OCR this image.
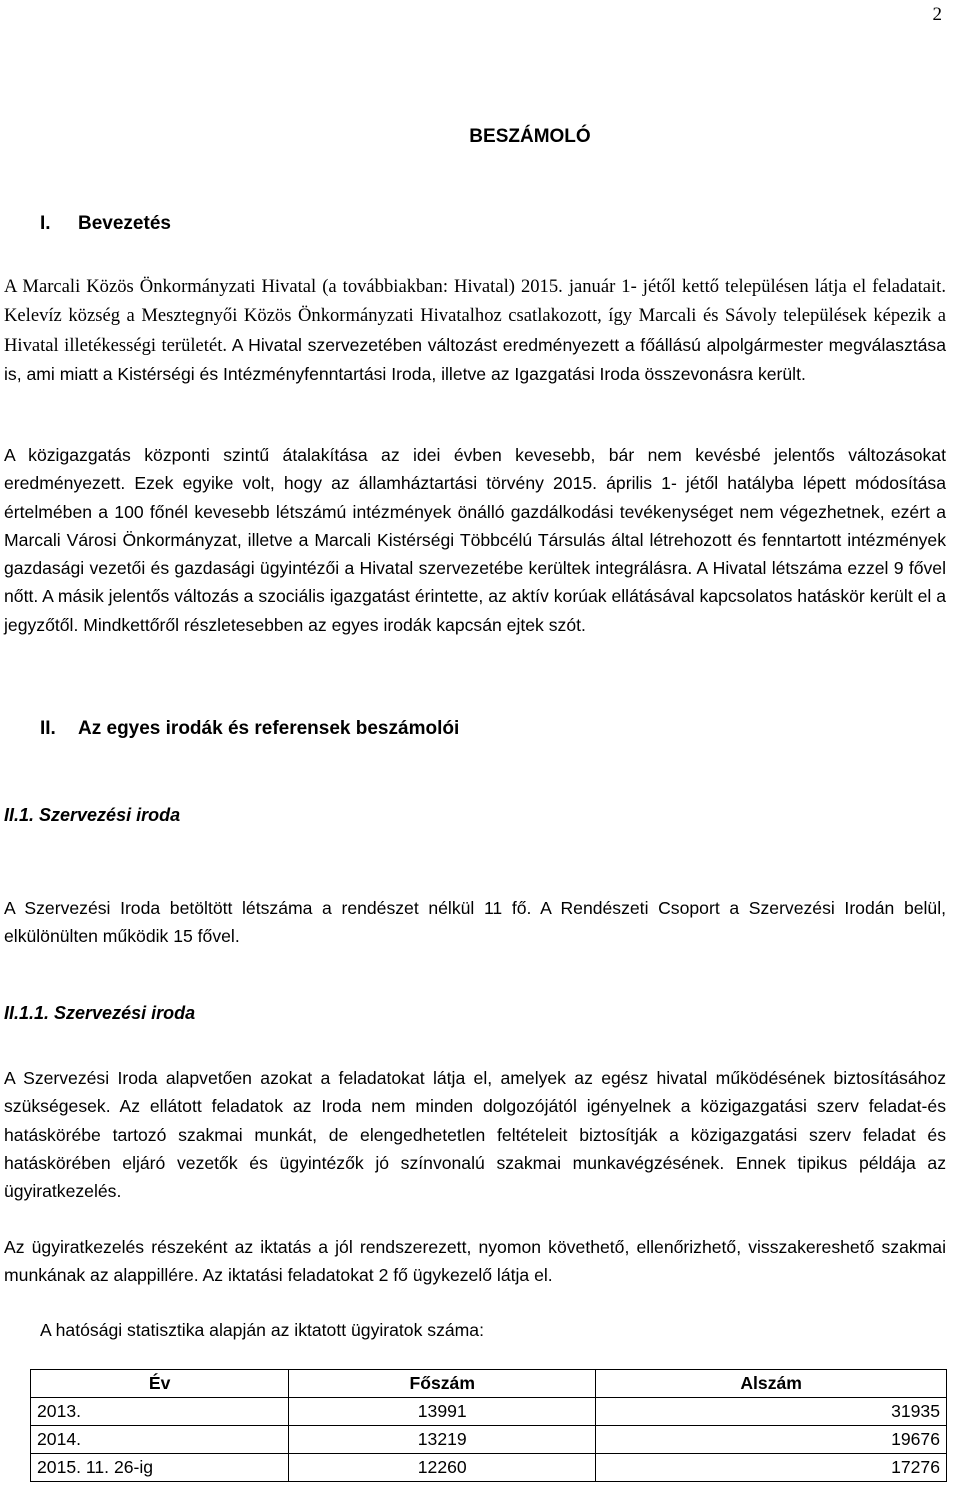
2
BESZÁMOLÓ
I. Bevezetés

A Marcali Közös Önkormányzati Hivatal (a továbbiakban: Hivatal) 2015. január 1- jétől kettő településen látja el feladatait. Kelevíz község a Mesztegnyői Közös Önkormányzati Hivatalhoz csatlakozott, így Marcali és Sávoly települések képezik a Hivatal illetékességi területét. A Hivatal szervezetében változást eredményezett a főállású alpolgármester megválasztása is, ami miatt a Kistérségi és Intézményfenntartási Iroda, illetve az Igazgatási Iroda összevonásra került.

A közigazgatás központi szintű átalakítása az idei évben kevesebb, bár nem kevésbé jelentős változásokat eredményezett. Ezek egyike volt, hogy az államháztartási törvény 2015. április 1- jétől hatályba lépett módosítása értelmében a 100 főnél kevesebb létszámú intézmények önálló gazdálkodási tevékenységet nem végezhetnek, ezért a Marcali Városi Önkormányzat, illetve a Marcali Kistérségi Többcélú Társulás által létrehozott és fenntartott intézmények gazdasági vezetői és gazdasági ügyintézői a Hivatal szervezetébe kerültek integrálásra. A Hivatal létszáma ezzel 9 fővel nőtt. A másik jelentős változás a szociális igazgatást érintette, az aktív korúak ellátásával kapcsolatos hatáskör került el a jegyzőtől. Mindkettőről részletesebben az egyes irodák kapcsán ejtek szót.

II. Az egyes irodák és referensek beszámolói
II.1. Szervezési iroda

A Szervezési Iroda betöltött létszáma a rendészet nélkül 11 fő. A Rendészeti Csoport a Szervezési Irodán belül, elkülönülten működik 15 fővel.

II.1.1. Szervezési iroda

A Szervezési Iroda alapvetően azokat a feladatokat látja el, amelyek az egész hivatal működésének biztosításához szükségesek. Az ellátott feladatok az Iroda nem minden dolgozójától igényelnek a közigazgatási szerv feladat-és hatáskörébe tartozó szakmai munkát, de elengedhetetlen feltételeit biztosítják a közigazgatási szerv feladat és hatáskörében eljáró vezetők és ügyintézők jó színvonalú szakmai munkavégzésének. Ennek tipikus példája az ügyiratkezelés.

Az ügyiratkezelés részeként az iktatás a jól rendszerezett, nyomon követhető, ellenőrizhető, visszakereshető szakmai munkának az alappillére. Az iktatási feladatokat 2 fő ügykezelő látja el.

A hatósági statisztika alapján az iktatott ügyiratok száma:

Év	Főszám	Alszám
2013.	13991	31935
2014.	13219	19676
2015. 11. 26-ig	12260	17276
